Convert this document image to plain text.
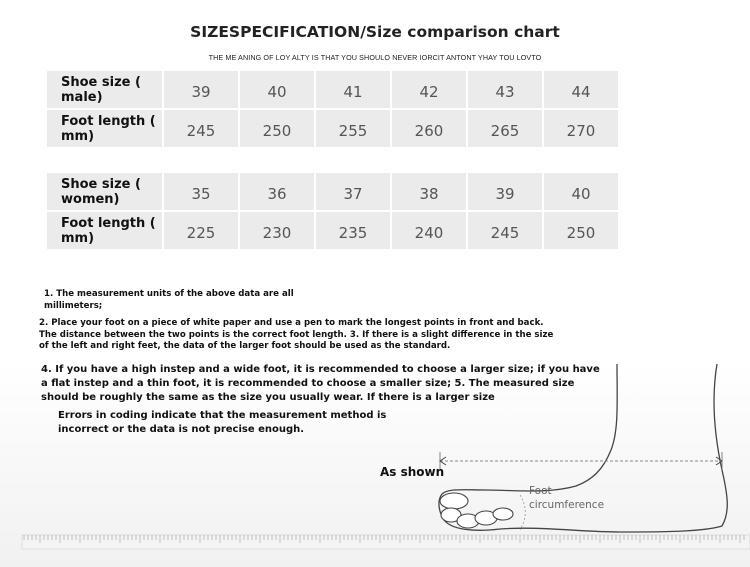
SIZESPECIFICATION/Size comparison chart
THE ME ANING OF LOY ALTY IS THAT YOU SHOULO NEVER IORCIT ANTONT YHAY TOU LOVTO
Shoe size ( male)	39	40	41	42	43	44
Foot length ( mm)	245	250	255	260	265	270
Shoe size ( women)	35	36	37	38	39	40
Foot length ( mm)	225	230	235	240	245	250
1. The measurement units of the above data are all millimeters;
2. Place your foot on a piece of white paper and use a pen to mark the longest points in front and back. The distance between the two points is the correct foot length. 3. If there is a slight difference in the size of the left and right feet, the data of the larger foot should be used as the standard.
4. If you have a high instep and a wide foot, it is recommended to choose a larger size; if you have a flat instep and a thin foot, it is recommended to choose a smaller size; 5. The measured size should be roughly the same as the size you usually wear. If there is a larger size
Errors in coding indicate that the measurement method is incorrect or the data is not precise enough.
As shown
Foot circumference
